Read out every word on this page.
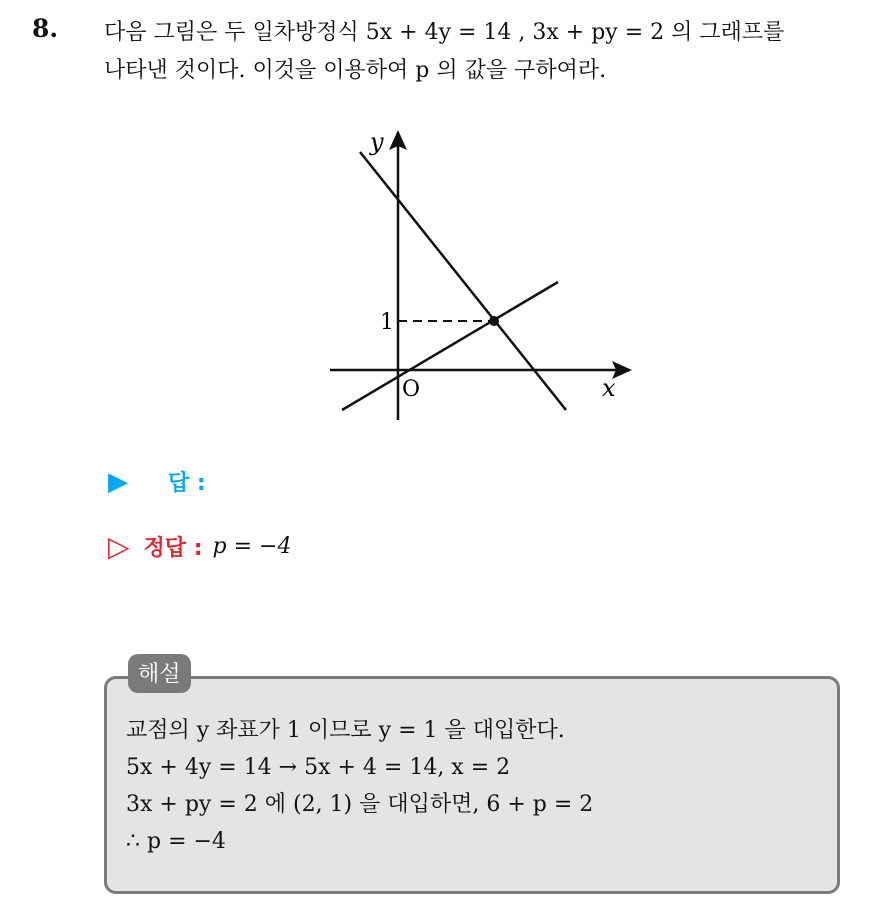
8. 다음 그림은 두 일차방정식 5x + 4y = 14 , 3x + py = 2 의 그래프를
나타낸 것이다. 이것을 이용하여 p 의 값을 구하여라.
y
x
O
1
▶ 답 :
▷ 정답 : p = −4
해설
교점의 y 좌표가 1 이므로 y = 1 을 대입한다.
5x + 4y = 14 → 5x + 4 = 14, x = 2
3x + py = 2 에 (2, 1) 을 대입하면, 6 + p = 2
∴ p = −4
